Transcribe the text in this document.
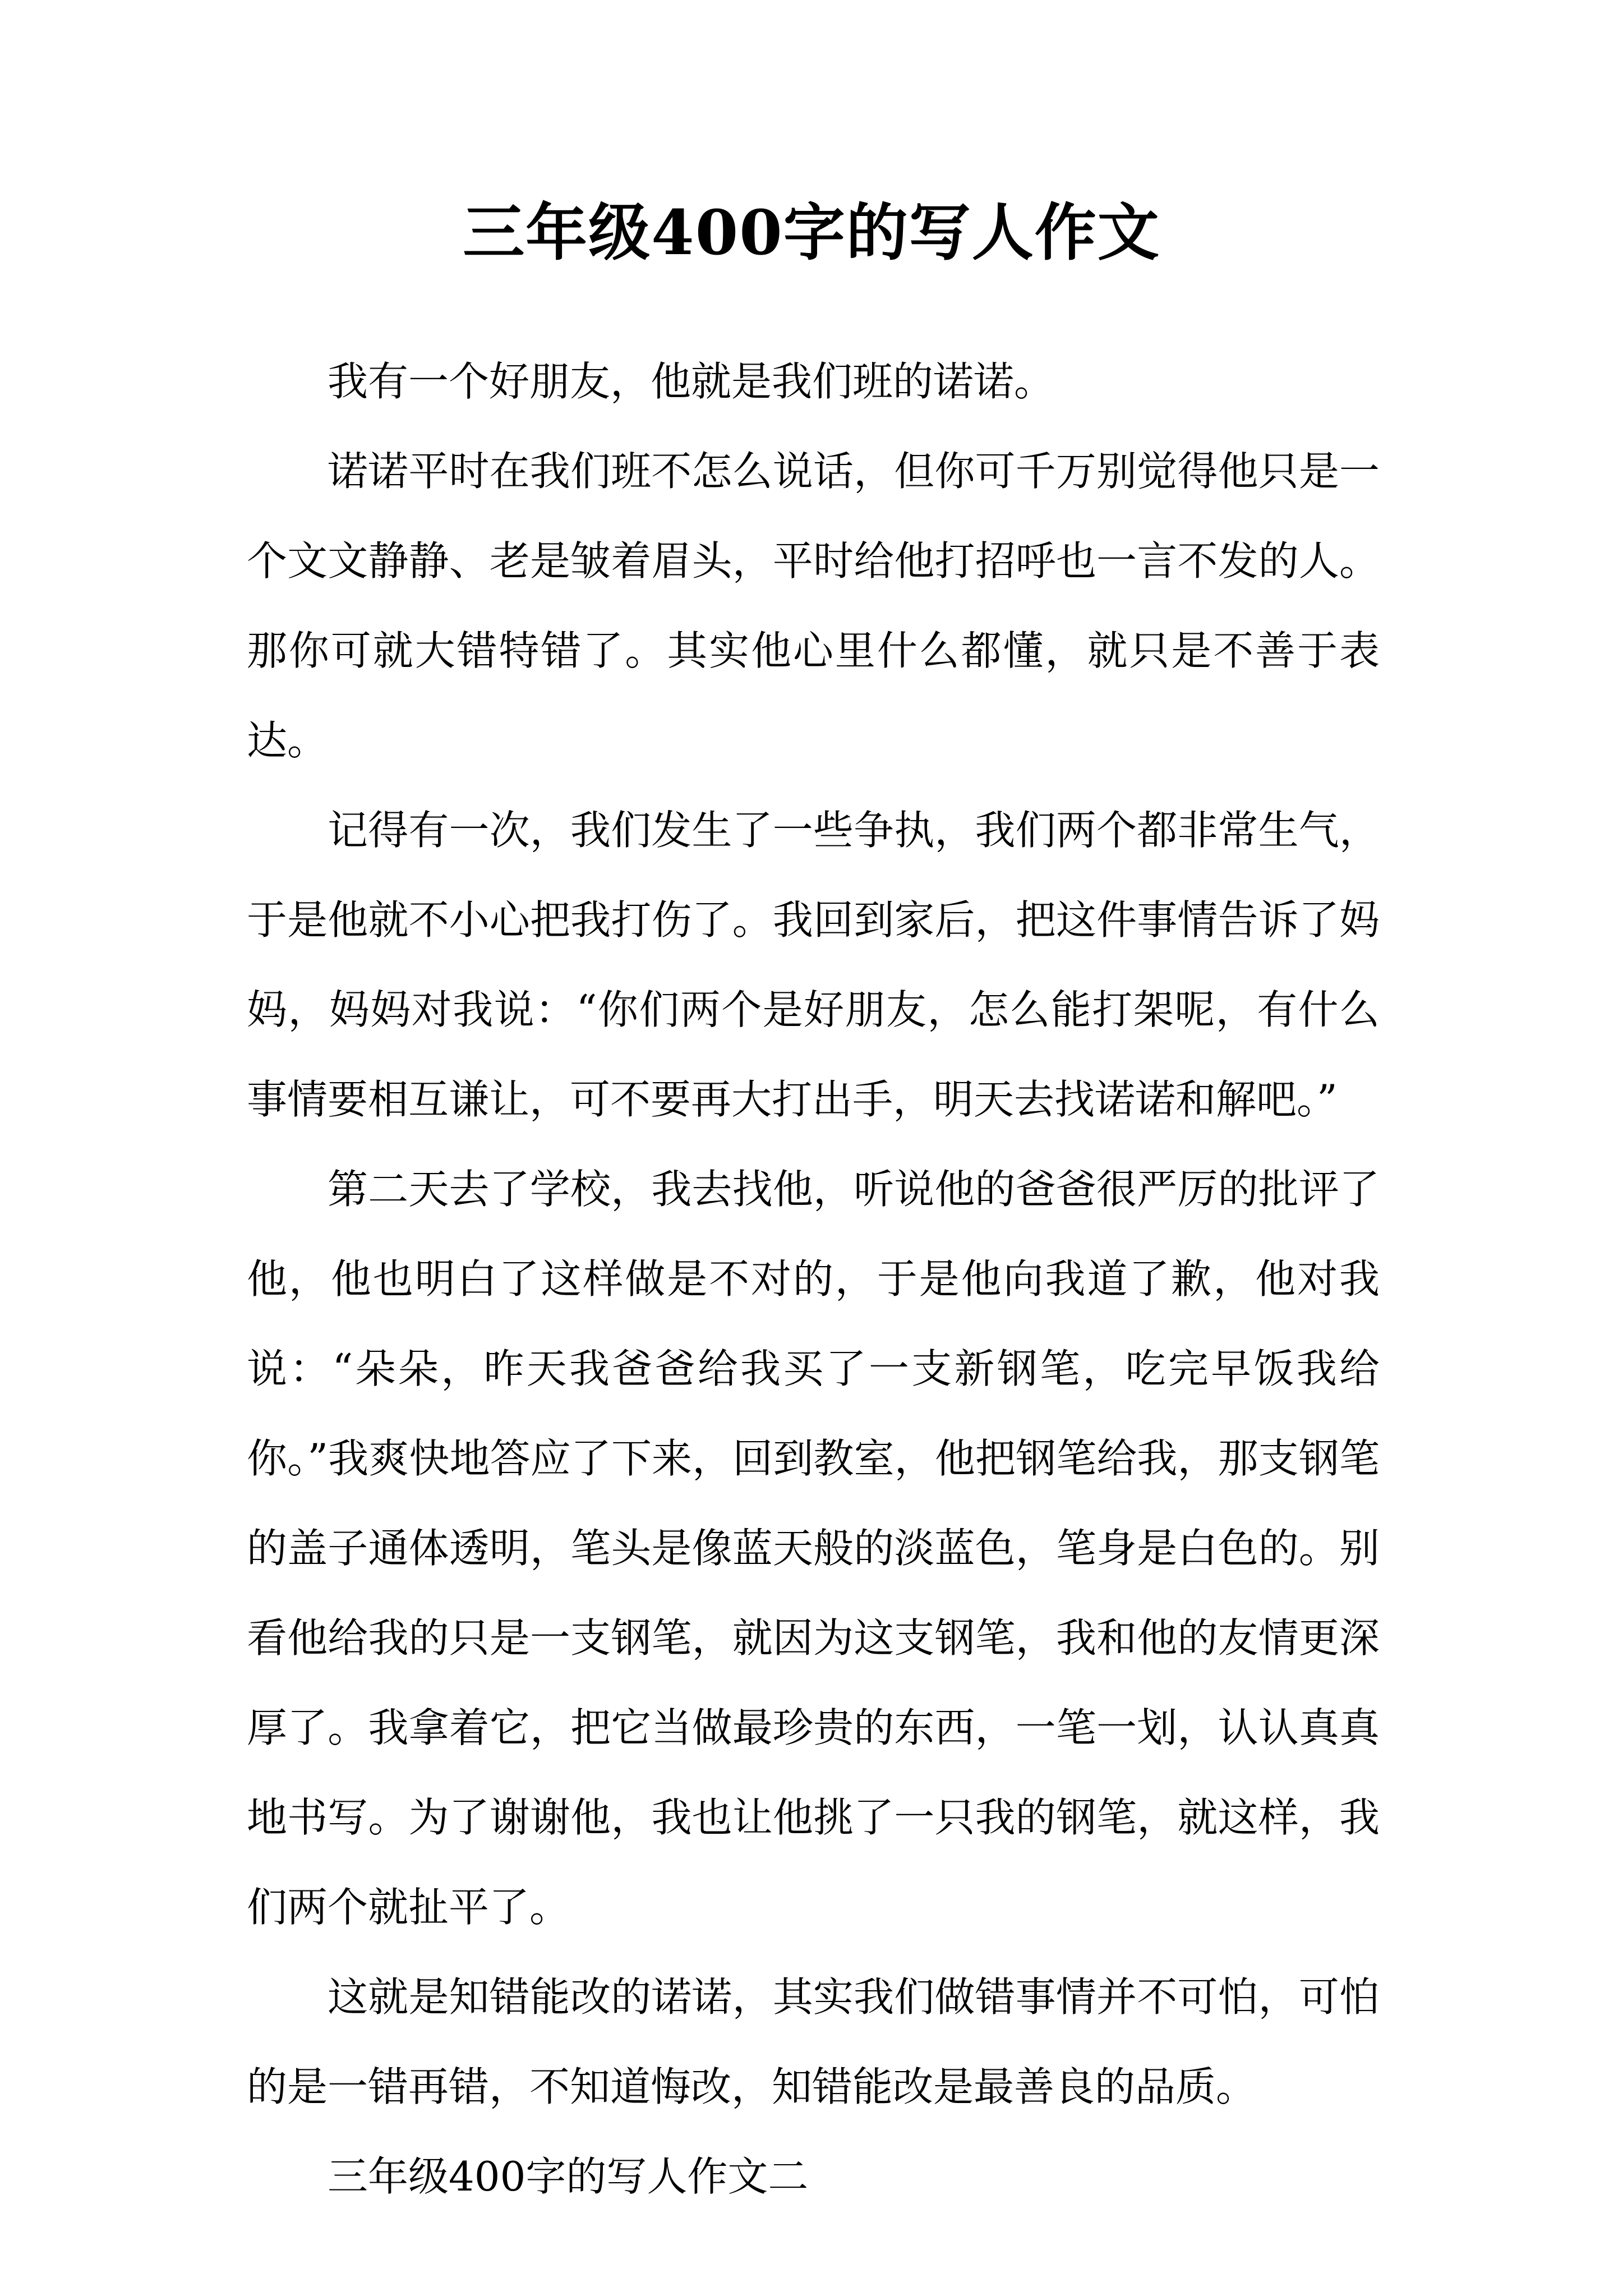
三年级400字的写人作文

我有一个好朋友，他就是我们班的诺诺。

诺诺平时在我们班不怎么说话，但你可千万别觉得他只是一个文文静静、老是皱着眉头，平时给他打招呼也一言不发的人。那你可就大错特错了。其实他心里什么都懂，就只是不善于表达。

记得有一次，我们发生了一些争执，我们两个都非常生气，于是他就不小心把我打伤了。我回到家后，把这件事情告诉了妈妈，妈妈对我说：“你们两个是好朋友，怎么能打架呢，有什么事情要相互谦让，可不要再大打出手，明天去找诺诺和解吧。”

第二天去了学校，我去找他，听说他的爸爸很严厉的批评了他，他也明白了这样做是不对的，于是他向我道了歉，他对我说：“朵朵，昨天我爸爸给我买了一支新钢笔，吃完早饭我给你。”我爽快地答应了下来，回到教室，他把钢笔给我，那支钢笔的盖子通体透明，笔头是像蓝天般的淡蓝色，笔身是白色的。别看他给我的只是一支钢笔，就因为这支钢笔，我和他的友情更深厚了。我拿着它，把它当做最珍贵的东西，一笔一划，认认真真地书写。为了谢谢他，我也让他挑了一只我的钢笔，就这样，我们两个就扯平了。

这就是知错能改的诺诺，其实我们做错事情并不可怕，可怕的是一错再错，不知道悔改，知错能改是最善良的品质。

三年级400字的写人作文二
